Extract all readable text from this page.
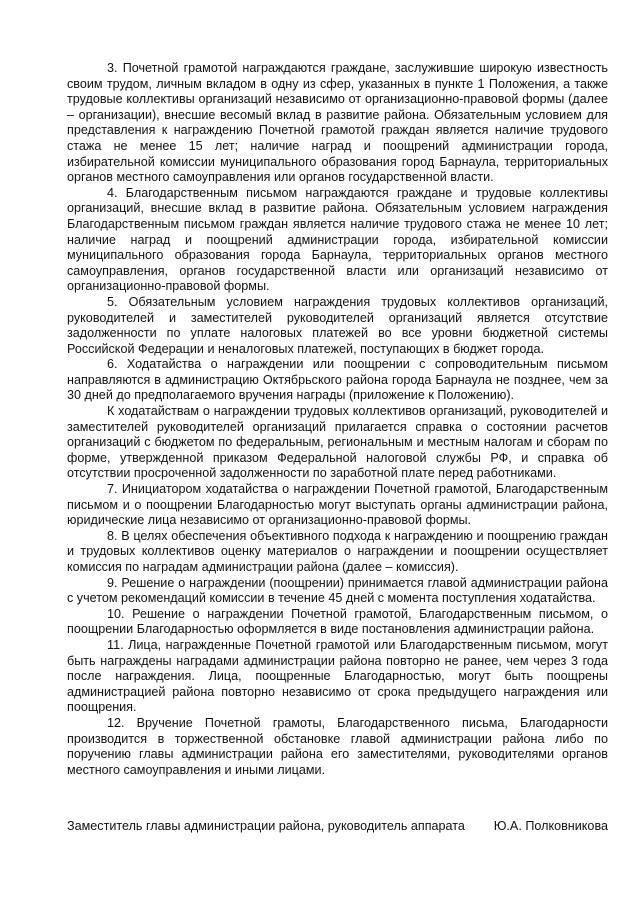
3. Почетной грамотой награждаются граждане, заслужившие широкую известность своим трудом, личным вкладом в одну из сфер, указанных в пункте 1 Положения, а также трудовые коллективы организаций независимо от организационно-правовой формы (далее – организации), внесшие весомый вклад в развитие района. Обязательным условием для представления к награждению Почетной грамотой граждан является наличие трудового стажа не менее 15 лет; наличие наград и поощрений администрации города, избирательной комиссии муниципального образования город Барнаула, территориальных органов местного самоуправления или органов государственной власти.

4. Благодарственным письмом награждаются граждане и трудовые коллективы организаций, внесшие вклад в развитие района. Обязательным условием награждения Благодарственным письмом граждан является наличие трудового стажа не менее 10 лет; наличие наград и поощрений администрации города, избирательной комиссии муниципального образования города Барнаула, территориальных органов местного самоуправления, органов государственной власти или организаций независимо от организационно-правовой формы.

5. Обязательным условием награждения трудовых коллективов организаций, руководителей и заместителей руководителей организаций является отсутствие задолженности по уплате налоговых платежей во все уровни бюджетной системы Российской Федерации и неналоговых платежей, поступающих в бюджет города.

6. Ходатайства о награждении или поощрении с сопроводительным письмом направляются в администрацию Октябрьского района города Барнаула не позднее, чем за 30 дней до предполагаемого вручения награды (приложение к Положению).

К ходатайствам о награждении трудовых коллективов организаций, руководителей и заместителей руководителей организаций прилагается справка о состоянии расчетов организаций с бюджетом по федеральным, региональным и местным налогам и сборам по форме, утвержденной приказом Федеральной налоговой службы РФ, и справка об отсутствии просроченной задолженности по заработной плате перед работниками.

7. Инициатором ходатайства о награждении Почетной грамотой, Благодарственным письмом и о поощрении Благодарностью могут выступать органы администрации района, юридические лица независимо от организационно-правовой формы.

8. В целях обеспечения объективного подхода к награждению и поощрению граждан и трудовых коллективов оценку материалов о награждении и поощрении осуществляет комиссия по наградам администрации района (далее – комиссия).

9. Решение о награждении (поощрении) принимается главой администрации района с учетом рекомендаций комиссии в течение 45 дней с момента поступления ходатайства.

10. Решение о награждении Почетной грамотой, Благодарственным письмом, о поощрении Благодарностью оформляется в виде постановления администрации района.

11. Лица, награжденные Почетной грамотой или Благодарственным письмом, могут быть награждены наградами администрации района повторно не ранее, чем через 3 года после награждения. Лица, поощренные Благодарностью, могут быть поощрены администрацией района повторно независимо от срока предыдущего награждения или поощрения.

12. Вручение Почетной грамоты, Благодарственного письма, Благодарности производится в торжественной обстановке главой администрации района либо по поручению главы администрации района его заместителями, руководителями органов местного самоуправления и иными лицами.

Заместитель главы администрации района, руководитель аппарата Ю.А. Полковникова
